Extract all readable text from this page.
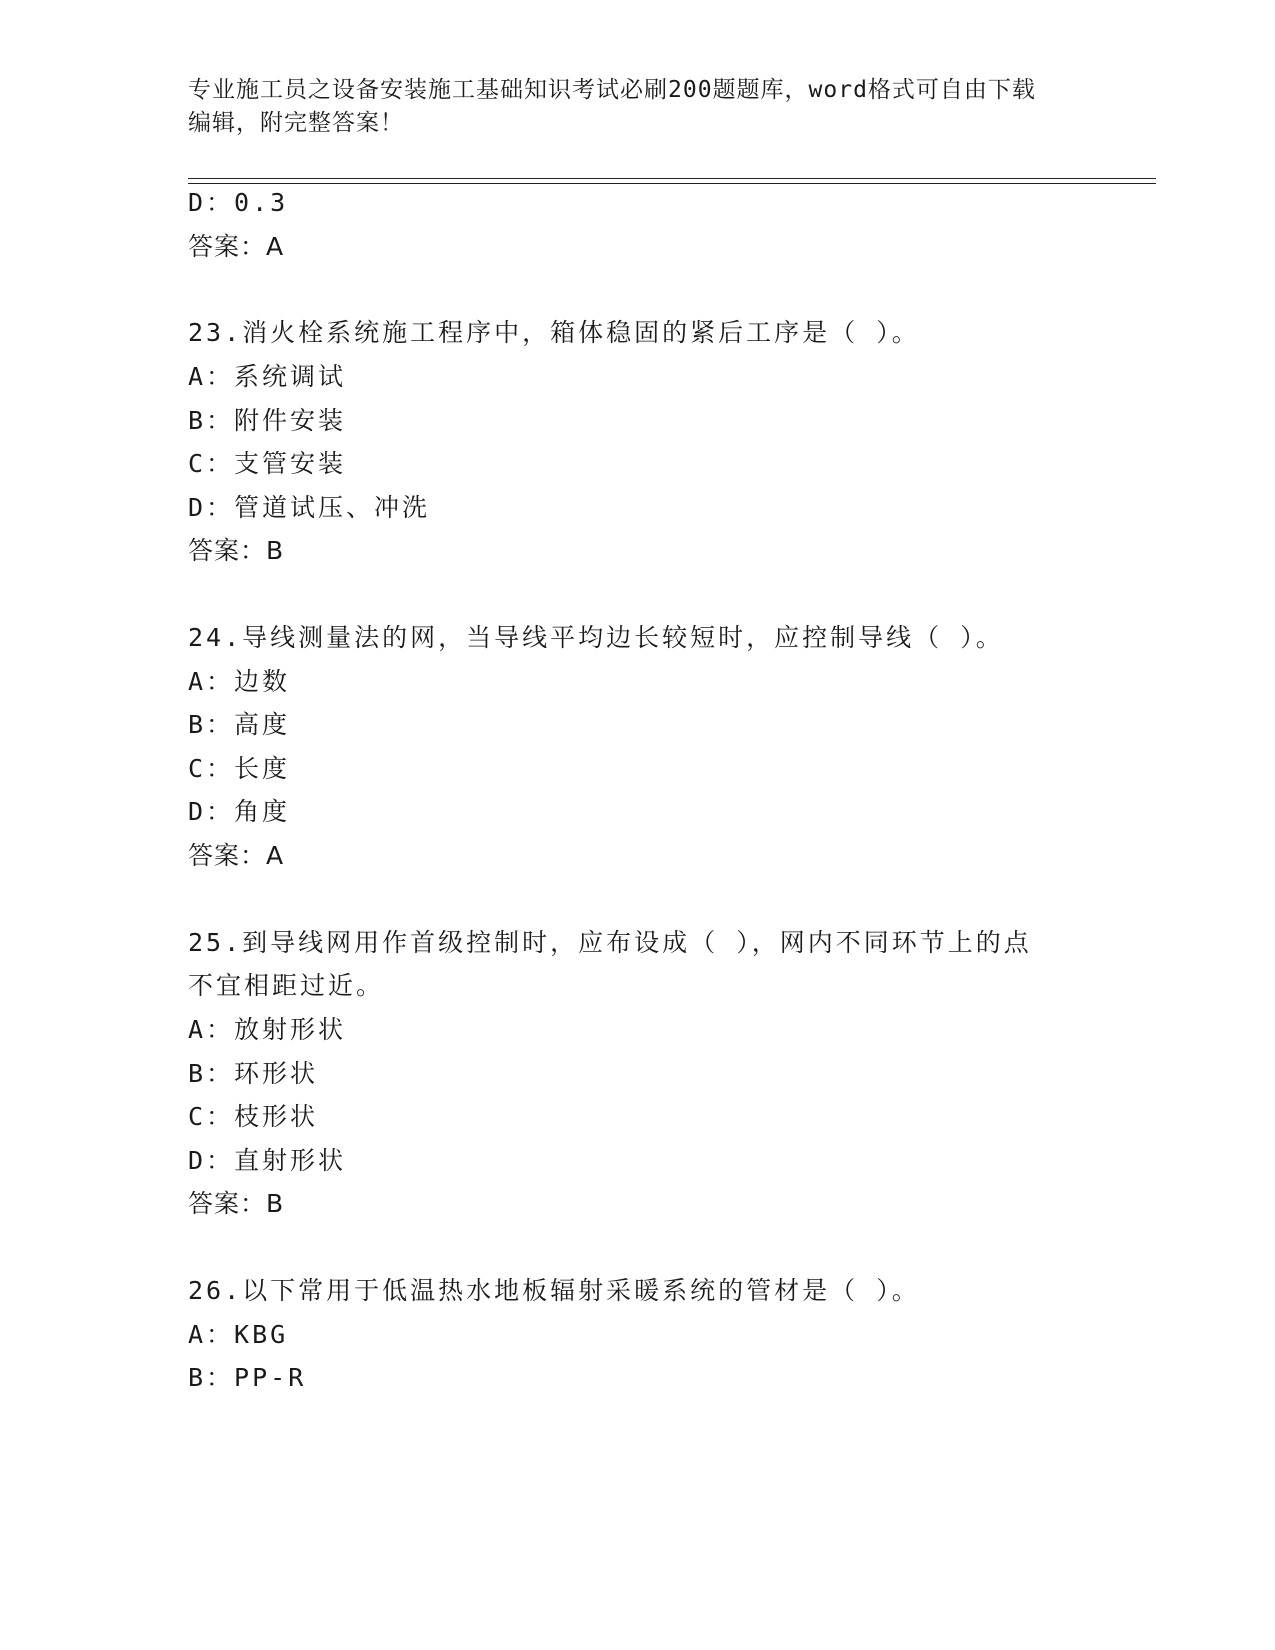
专业施工员之设备安装施工基础知识考试必刷200题题库，word格式可自由下载
编辑，附完整答案！
D：0.3
答案：A
23.消火栓系统施工程序中，箱体稳固的紧后工序是（ ）。
A：系统调试
B：附件安装
C：支管安装
D：管道试压、冲洗
答案：B
24.导线测量法的网，当导线平均边长较短时，应控制导线（ ）。
A：边数
B：高度
C：长度
D：角度
答案：A
25.到导线网用作首级控制时，应布设成（ ），网内不同环节上的点
不宜相距过近。
A：放射形状
B：环形状
C：枝形状
D：直射形状
答案：B
26.以下常用于低温热水地板辐射采暖系统的管材是（ ）。
A：KBG
B：PP-R
